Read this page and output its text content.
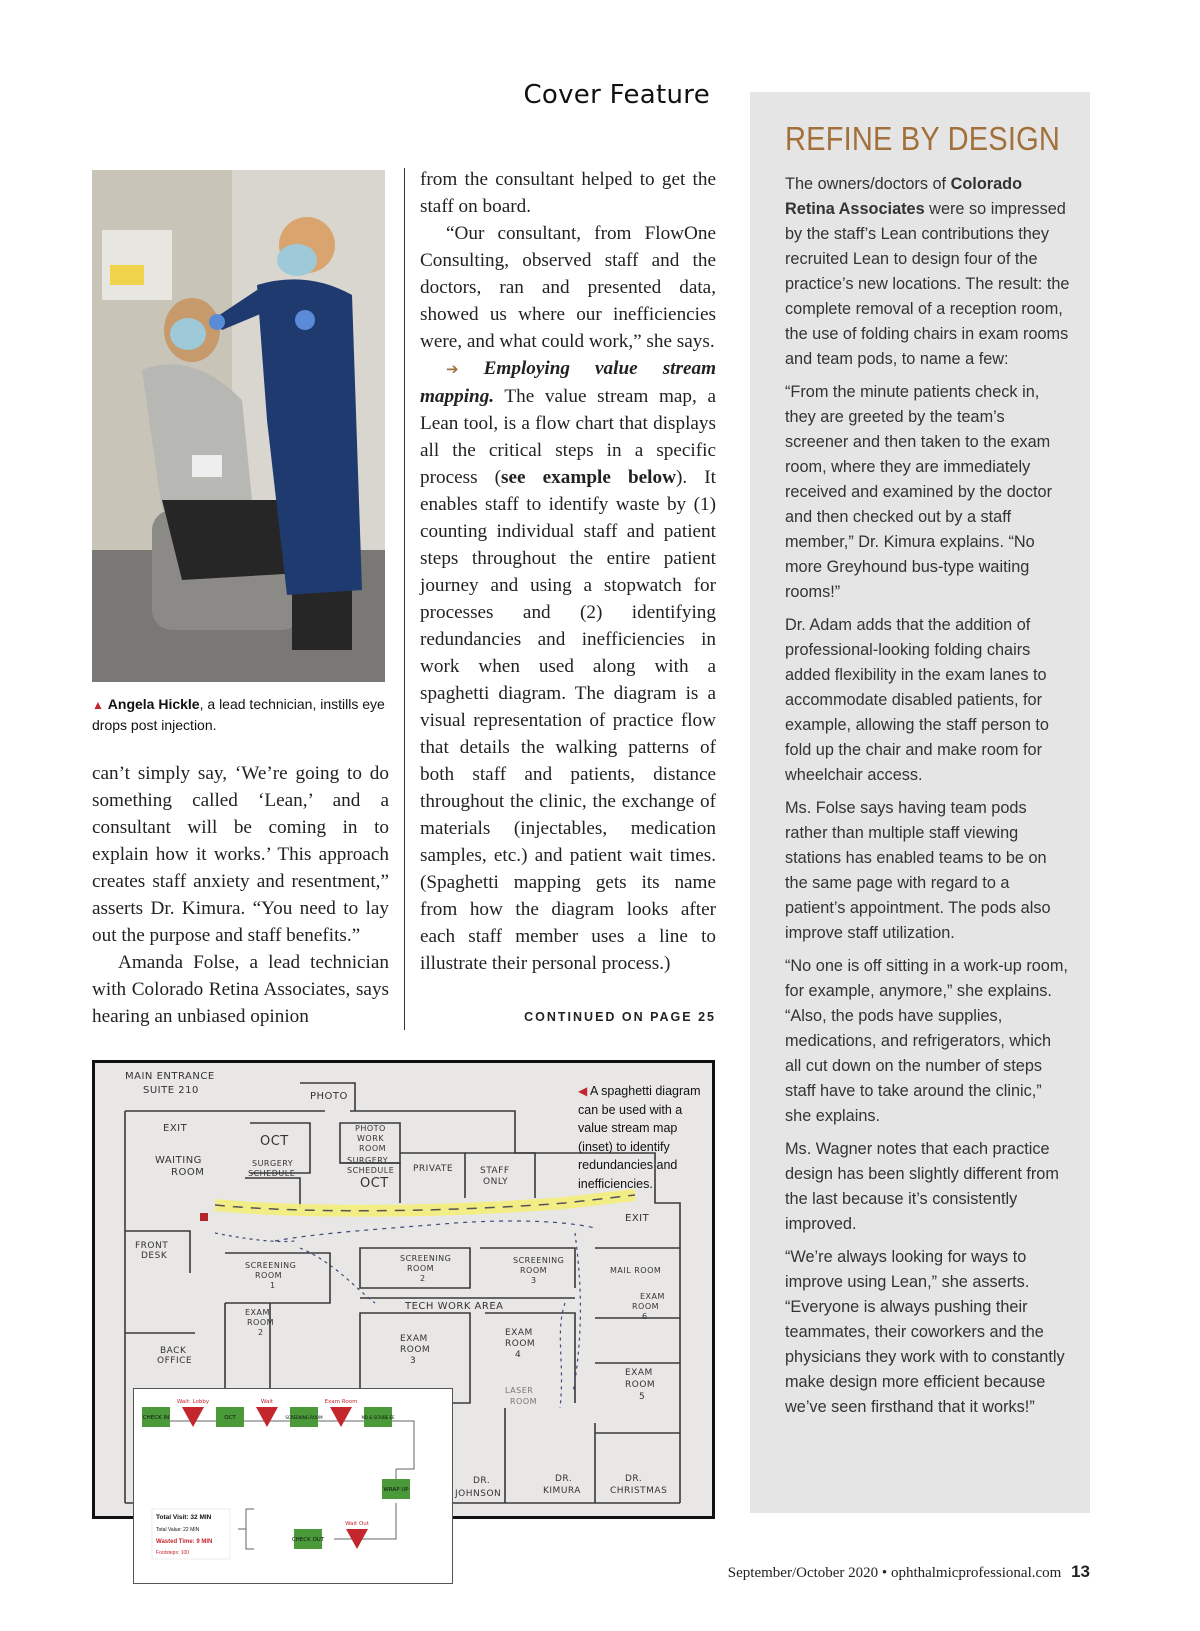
Cover Feature
▲ Angela Hickle, a lead technician, instills eye drops post injection.

can’t simply say, ‘We’re going to do something called ‘Lean,’ and a consultant will be coming in to explain how it works.’ This approach creates staff anxiety and resentment,” asserts Dr. Kimura. “You need to lay out the purpose and staff benefits.”

Amanda Folse, a lead technician with Colorado Retina Associates, says hearing an unbiased opinion

from the consultant helped to get the staff on board.

“Our consultant, from FlowOne Consulting, observed staff and the doctors, ran and presented data, showed us where our inefficiencies were, and what could work,” she says.

➔ Employing value stream mapping. The value stream map, a Lean tool, is a flow chart that displays all the critical steps in a specific process (see example below). It enables staff to identify waste by (1) counting individual staff and patient steps throughout the entire patient journey and using a stopwatch for processes and (2) identifying redundancies and inefficiencies in work when used along with a spaghetti diagram. The diagram is a visual representation of practice flow that details the walking patterns of both staff and patients, distance throughout the clinic, the exchange of materials (injectables, medication samples, etc.) and patient wait times. (Spaghetti mapping gets its name from how the diagram looks after each staff member uses a line to illustrate their personal process.)

CONTINUED ON PAGE 25
REFINE BY DESIGN

The owners/doctors of Colorado Retina Associates were so impressed by the staff’s Lean contributions they recruited Lean to design four of the practice’s new locations. The result: the complete removal of a reception room, the use of folding chairs in exam rooms and team pods, to name a few:

“From the minute patients check in, they are greeted by the team’s screener and then taken to the exam room, where they are immediately received and examined by the doctor and then checked out by a staff member,” Dr. Kimura explains. “No more Greyhound bus-type waiting rooms!”

Dr. Adam adds that the addition of professional-looking folding chairs added flexibility in the exam lanes to accommodate disabled patients, for example, allowing the staff person to fold up the chair and make room for wheelchair access.

Ms. Folse says having team pods rather than multiple staff viewing stations has enabled teams to be on the same page with regard to a patient’s appointment. The pods also improve staff utilization.

“No one is off sitting in a work-up room, for example, anymore,” she explains. “Also, the pods have supplies, medications, and refrigerators, which all cut down on the number of steps staff have to take around the clinic,” she explains.

Ms. Wagner notes that each practice design has been slightly different from the last because it’s consistently improved.

“We’re always looking for ways to improve using Lean,” she asserts. “Everyone is always pushing their teammates, their coworkers and the physicians they work with to constantly make design more efficient because we’ve seen firsthand that it works!”

MAIN ENTRANCE
SUITE 210
PHOTO
EXIT
OCT
PHOTO
WORK
ROOM
WAITING
ROOM
SURGERY
SCHEDULE
SURGERY
SCHEDULE
OCT
PRIVATE	STAFF
ONLY
EXIT
FRONT
DESK
SCREENING
ROOM
1
SCREENING
ROOM
2
SCREENING
ROOM
3
MAIL ROOM
EXAM
ROOM
2
TECH WORK AREA
EXAM
ROOM
6
BACK
OFFICE
EXAM
ROOM
3
EXAM
ROOM
4
EXAM
ROOM
5
LASER
ROOM
DR.
JOHNSON
DR.
KIMURA
DR.
CHRISTMAS
◀ A spaghetti diagram can be used with a value stream map (inset) to identify redundancies and inefficiencies.
CHECK IN
Wait: Lobby
OCT
Wait
SCREENING ROOM
Exam Room
MD & SCRIBE EE
WRAP UP
CHECK OUT
Wait Out
Total Visit: 32 MIN
Total Value: 22 MIN
Wasted Time: 9 MIN
Footsteps: 100
September/October 2020 • ophthalmicprofessional.com 13
